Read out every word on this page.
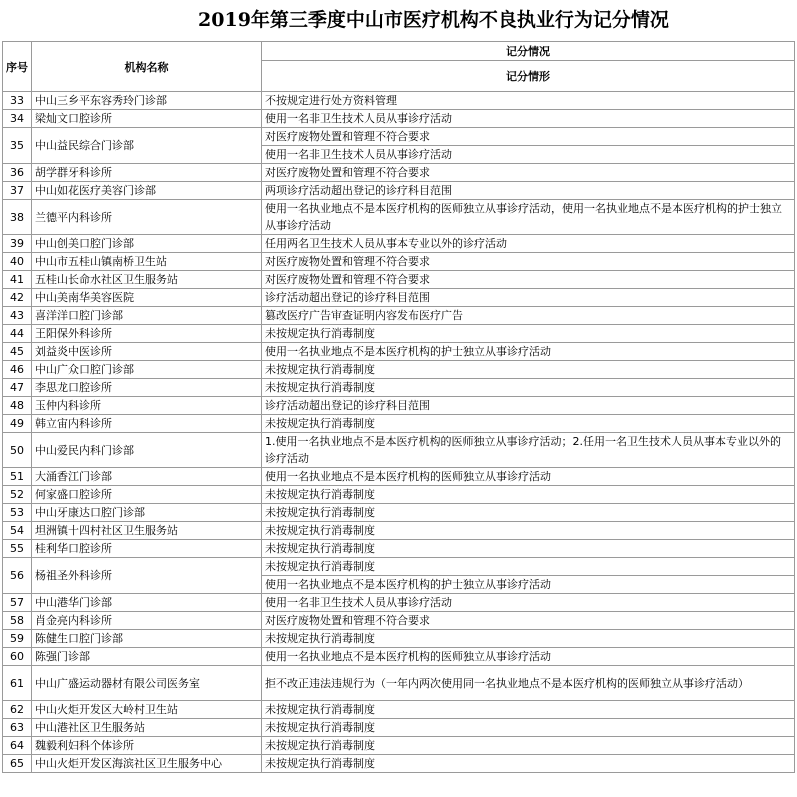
2019年第三季度中山市医疗机构不良执业行为记分情况
序号	机构名称	记分情况
		记分情形
33	中山三乡平东容秀玲门诊部	不按规定进行处方资料管理
34	梁灿文口腔诊所	使用一名非卫生技术人员从事诊疗活动
35	中山益民综合门诊部	对医疗废物处置和管理不符合要求
		使用一名非卫生技术人员从事诊疗活动
36	胡学群牙科诊所	对医疗废物处置和管理不符合要求
37	中山如花医疗美容门诊部	两项诊疗活动超出登记的诊疗科目范围
38	兰德平内科诊所	使用一名执业地点不是本医疗机构的医师独立从事诊疗活动，使用一名执业地点不是本医疗机构的护士独立从事诊疗活动
39	中山创美口腔门诊部	任用两名卫生技术人员从事本专业以外的诊疗活动
40	中山市五桂山镇南桥卫生站	对医疗废物处置和管理不符合要求
41	五桂山长命水社区卫生服务站	对医疗废物处置和管理不符合要求
42	中山美南华美容医院	诊疗活动超出登记的诊疗科目范围
43	喜洋洋口腔门诊部	篡改医疗广告审查证明内容发布医疗广告
44	王阳保外科诊所	未按规定执行消毒制度
45	刘益炎中医诊所	使用一名执业地点不是本医疗机构的护士独立从事诊疗活动
46	中山广众口腔门诊部	未按规定执行消毒制度
47	李思龙口腔诊所	未按规定执行消毒制度
48	玉仲内科诊所	诊疗活动超出登记的诊疗科目范围
49	韩立宙内科诊所	未按规定执行消毒制度
50	中山爱民内科门诊部	1.使用一名执业地点不是本医疗机构的医师独立从事诊疗活动；2.任用一名卫生技术人员从事本专业以外的诊疗活动
51	大涌香江门诊部	使用一名执业地点不是本医疗机构的医师独立从事诊疗活动
52	何家盛口腔诊所	未按规定执行消毒制度
53	中山牙康达口腔门诊部	未按规定执行消毒制度
54	坦洲镇十四村社区卫生服务站	未按规定执行消毒制度
55	桂利华口腔诊所	未按规定执行消毒制度
56	杨祖圣外科诊所	未按规定执行消毒制度
		使用一名执业地点不是本医疗机构的护士独立从事诊疗活动
57	中山港华门诊部	使用一名非卫生技术人员从事诊疗活动
58	肖金亮内科诊所	对医疗废物处置和管理不符合要求
59	陈健生口腔门诊部	未按规定执行消毒制度
60	陈强门诊部	使用一名执业地点不是本医疗机构的医师独立从事诊疗活动
61	中山广盛运动器材有限公司医务室	拒不改正违法违规行为（一年内两次使用同一名执业地点不是本医疗机构的医师独立从事诊疗活动）
62	中山火炬开发区大岭村卫生站	未按规定执行消毒制度
63	中山港社区卫生服务站	未按规定执行消毒制度
64	魏毅利妇科个体诊所	未按规定执行消毒制度
65	中山火炬开发区海滨社区卫生服务中心	未按规定执行消毒制度
